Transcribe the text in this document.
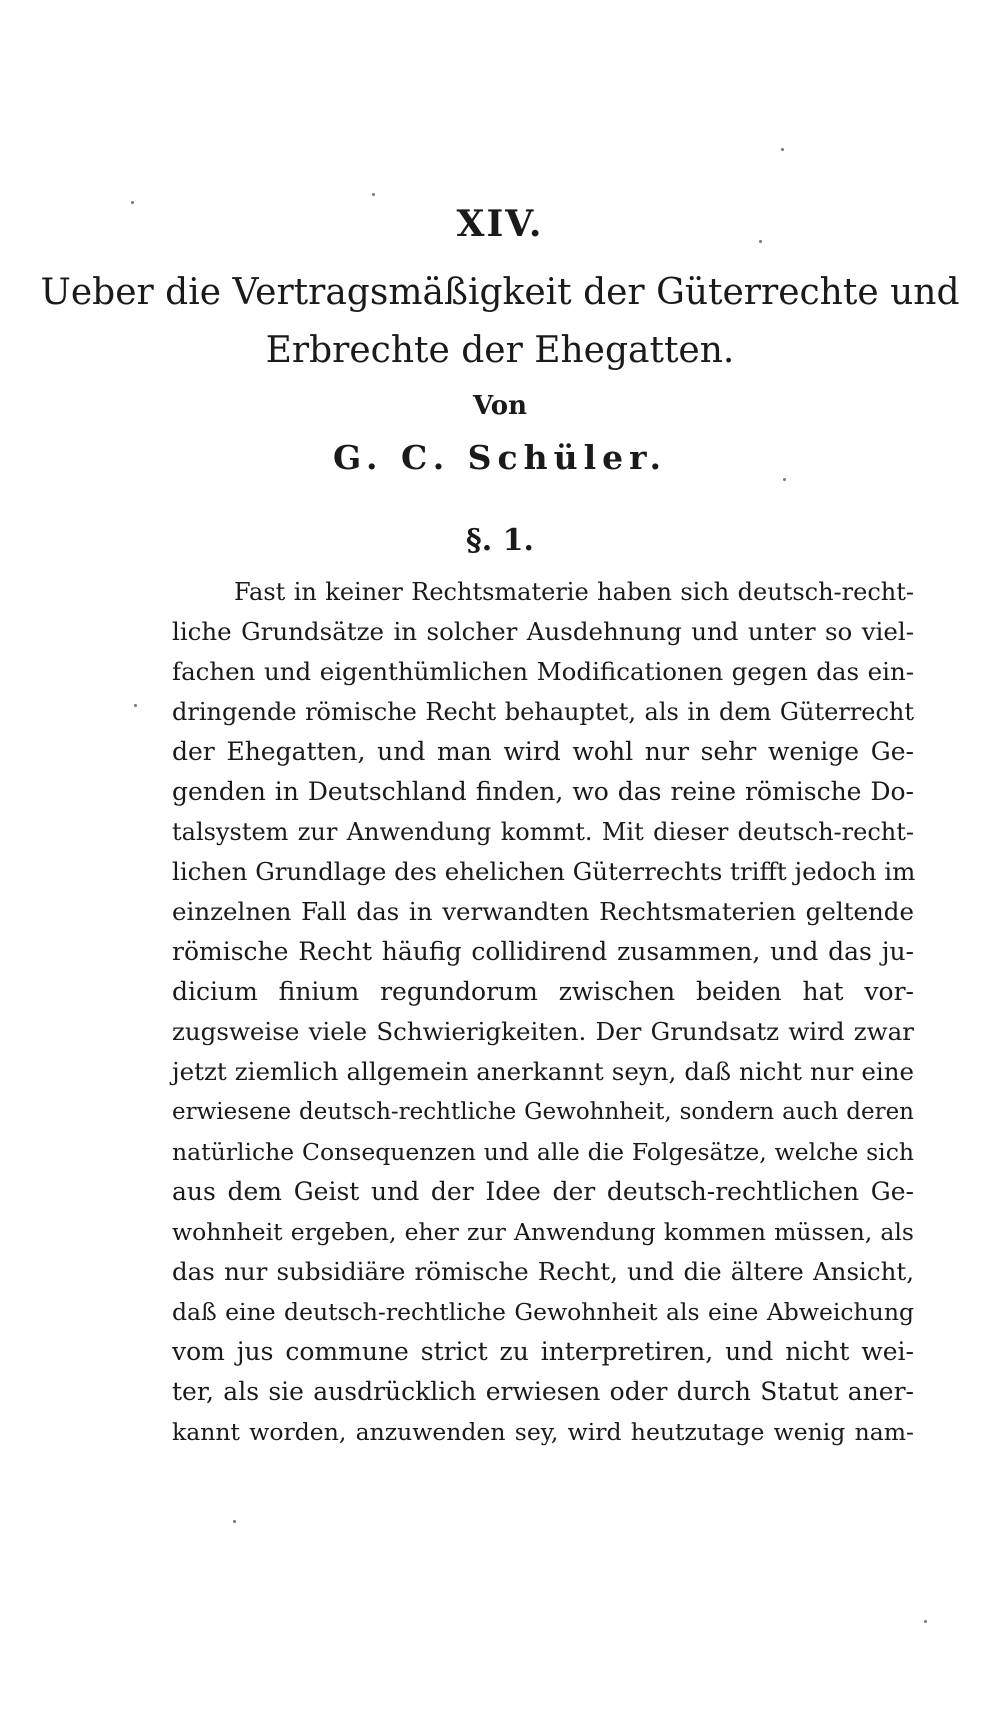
XIV.
Ueber die Vertragsmäßigkeit der Güterrechte und
Erbrechte der Ehegatten.
Von
G. C. Schüler.
§. 1.
Fast in keiner Rechtsmaterie haben sich deutsch-recht-
liche Grundsätze in solcher Ausdehnung und unter so viel-
fachen und eigenthümlichen Modificationen gegen das ein-
dringende römische Recht behauptet, als in dem Güterrecht
der Ehegatten, und man wird wohl nur sehr wenige Ge-
genden in Deutschland finden, wo das reine römische Do-
talsystem zur Anwendung kommt. Mit dieser deutsch-recht-
lichen Grundlage des ehelichen Güterrechts trifft jedoch im
einzelnen Fall das in verwandten Rechtsmaterien geltende
römische Recht häufig collidirend zusammen, und das ju-
dicium finium regundorum zwischen beiden hat vor-
zugsweise viele Schwierigkeiten. Der Grundsatz wird zwar
jetzt ziemlich allgemein anerkannt seyn, daß nicht nur eine
erwiesene deutsch-rechtliche Gewohnheit, sondern auch deren
natürliche Consequenzen und alle die Folgesätze, welche sich
aus dem Geist und der Idee der deutsch-rechtlichen Ge-
wohnheit ergeben, eher zur Anwendung kommen müssen, als
das nur subsidiäre römische Recht, und die ältere Ansicht,
daß eine deutsch-rechtliche Gewohnheit als eine Abweichung
vom jus commune strict zu interpretiren, und nicht wei-
ter, als sie ausdrücklich erwiesen oder durch Statut aner-
kannt worden, anzuwenden sey, wird heutzutage wenig nam-
